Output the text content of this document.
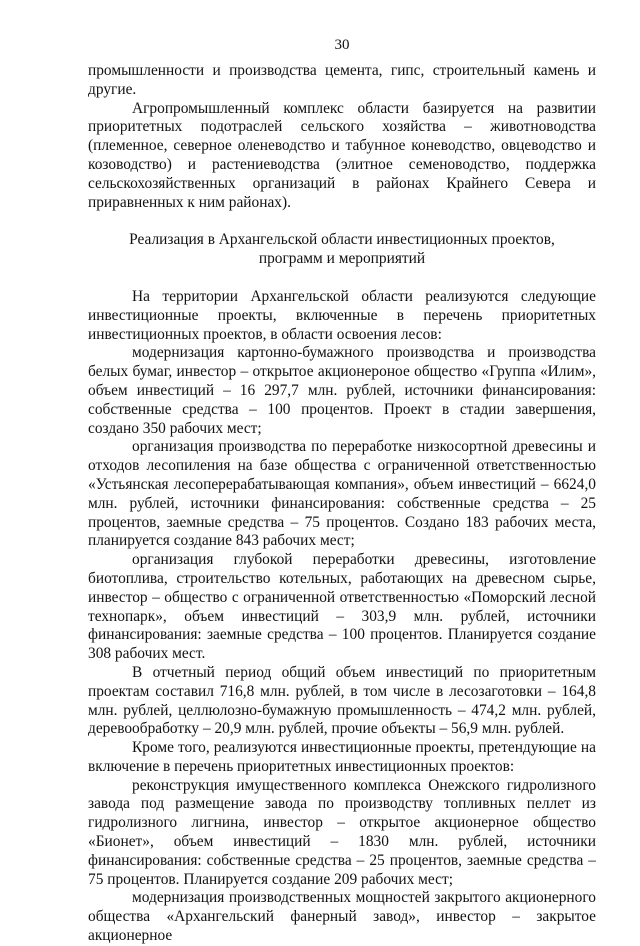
30

промышленности и производства цемента, гипс, строительный камень и другие.

Агропромышленный комплекс области базируется на развитии приоритетных подотраслей сельского хозяйства – животноводства (племенное, северное оленеводство и табунное коневодство, овцеводство и козоводство) и растениеводства (элитное семеноводство, поддержка сельскохозяйственных организаций в районах Крайнего Севера и приравненных к ним районах).

Реализация в Архангельской области инвестиционных проектов,
программ и мероприятий

На территории Архангельской области реализуются следующие инвестиционные проекты, включенные в перечень приоритетных инвестиционных проектов, в области освоения лесов:

модернизация картонно-бумажного производства и производства белых бумаг, инвестор – открытое акционероное общество «Группа «Илим», объем инвестиций – 16 297,7 млн. рублей, источники финансирования: собственные средства – 100 процентов. Проект в стадии завершения, создано 350 рабочих мест;

организация производства по переработке низкосортной древесины и отходов лесопиления на базе общества с ограниченной ответственностью «Устьянская лесоперерабатывающая компания», объем инвестиций – 6624,0 млн. рублей, источники финансирования: собственные средства – 25 процентов, заемные средства – 75 процентов. Создано 183 рабочих места, планируется создание 843 рабочих мест;

организация глубокой переработки древесины, изготовление биотоплива, строительство котельных, работающих на древесном сырье, инвестор – общество с ограниченной ответственностью «Поморский лесной технопарк», объем инвестиций – 303,9 млн. рублей, источники финансирования: заемные средства – 100 процентов. Планируется создание 308 рабочих мест.

В отчетный период общий объем инвестиций по приоритетным проектам составил 716,8 млн. рублей, в том числе в лесозаготовки – 164,8 млн. рублей, целлюлозно-бумажную промышленность – 474,2 млн. рублей, деревообработку – 20,9 млн. рублей, прочие объекты – 56,9 млн. рублей.

Кроме того, реализуются инвестиционные проекты, претендующие на включение в перечень приоритетных инвестиционных проектов:

реконструкция имущественного комплекса Онежского гидролизного завода под размещение завода по производству топливных пеллет из гидролизного лигнина, инвестор – открытое акционерное общество «Бионет», объем инвестиций – 1830 млн. рублей, источники финансирования: собственные средства – 25 процентов, заемные средства – 75 процентов. Планируется создание 209 рабочих мест;

модернизация производственных мощностей закрытого акционерного общества «Архангельский фанерный завод», инвестор – закрытое акционерное
